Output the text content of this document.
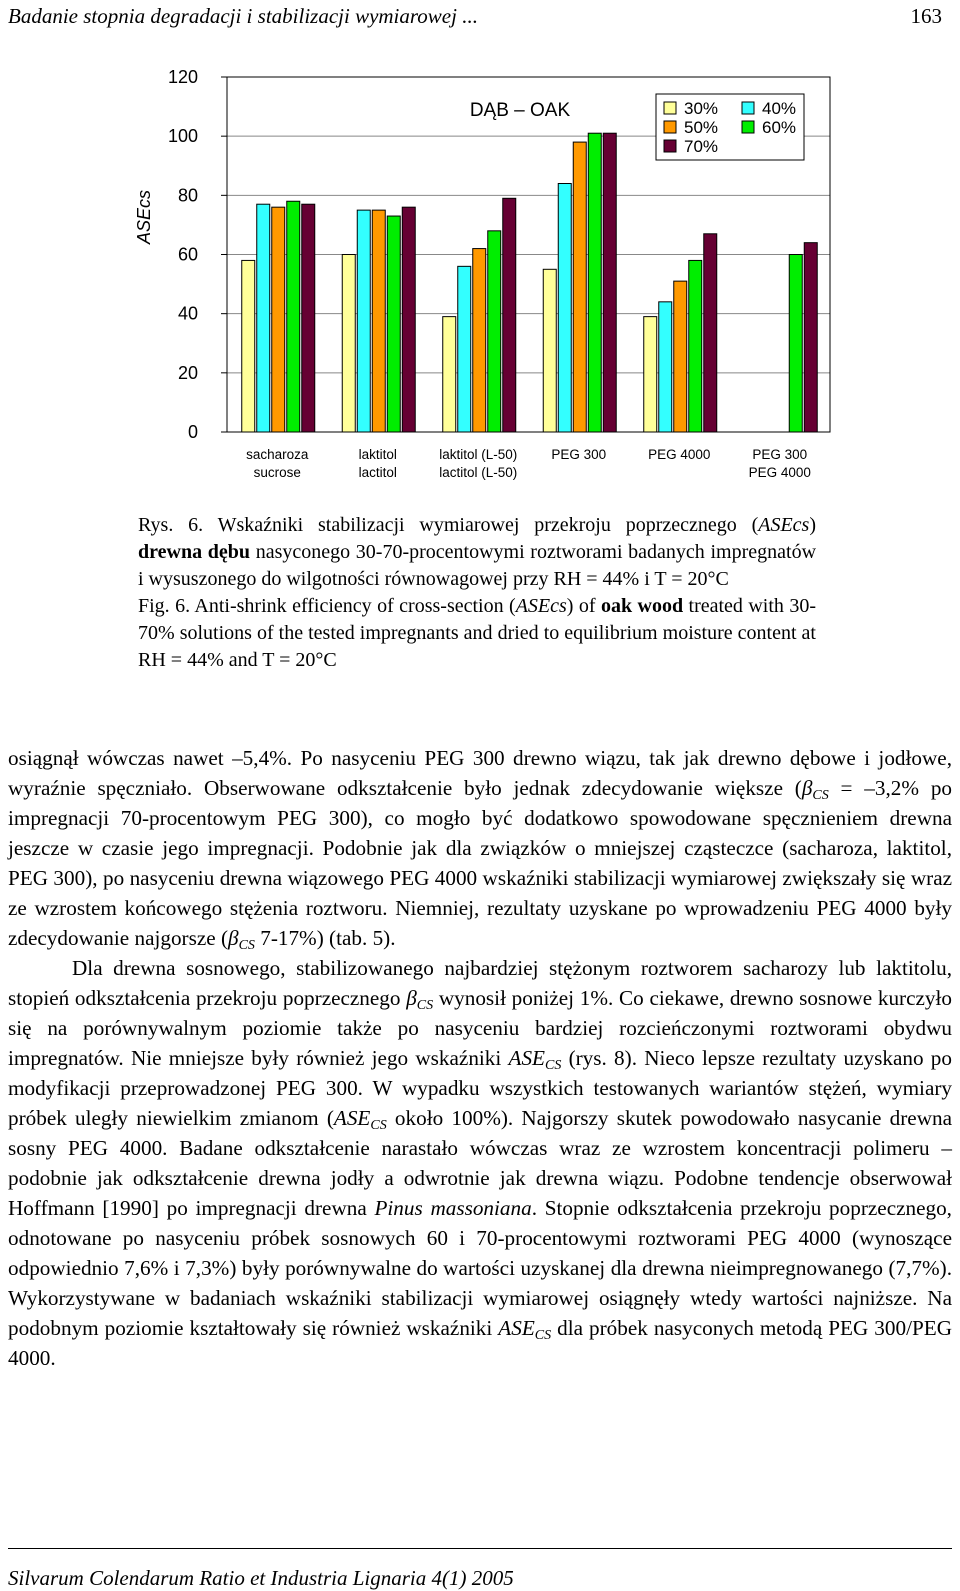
Badanie stopnia degradacji i stabilizacji wymiarowej ...	163
ASEcs
0
20
40
60
80
100
120
sacharoza
sucrose
laktitol
lactitol
laktitol (L-50)
lactitol (L-50)
PEG 300	PEG 4000	PEG 300
PEG 4000
DĄB – OAK	30%	40%
50%	60%
70%

Rys. 6. Wskaźniki stabilizacji wymiarowej przekroju poprzecznego (ASEcs) drewna dębu nasyconego 30-70-procentowymi roztworami badanych impregnatów i wysuszonego do wilgotności równowagowej przy RH = 44% i T = 20°C

Fig. 6. Anti-shrink efficiency of cross-section (ASEcs) of oak wood treated with 30-70% solutions of the tested impregnants and dried to equilibrium moisture content at RH = 44% and T = 20°C

osiągnął wówczas nawet –5,4%. Po nasyceniu PEG 300 drewno wiązu, tak jak drewno dębowe i jodłowe, wyraźnie spęczniało. Obserwowane odkształcenie było jednak zdecydowanie większe ($\beta_{CS} = -3,2\%$ po impregnacji 70-procentowym PEG 300), co mogło być dodatkowo spowodowane spęcznieniem drewna jeszcze w czasie jego impregnacji. Podobnie jak dla związków o mniejszej cząsteczce (sacharoza, laktitol, PEG 300), po nasyceniu drewna wiązowego PEG 4000 wskaźniki stabilizacji wymiarowej zwiększały się wraz ze wzrostem końcowego stężenia roztworu. Niemniej, rezultaty uzyskane po wprowadzeniu PEG 4000 były zdecydowanie najgorsze ($\beta_{CS}$ 7-17%) (tab. 5).

Dla drewna sosnowego, stabilizowanego najbardziej stężonym roztworem sacharozy lub laktitolu, stopień odkształcenia przekroju poprzecznego $\beta_{CS}$ wynosił poniżej 1%. Co ciekawe, drewno sosnowe kurczyło się na porównywalnym poziomie także po nasyceniu bardziej rozcieńczonymi roztworami obydwu impregnatów. Nie mniejsze były również jego wskaźniki $ASE_{CS}$ (rys. 8). Nieco lepsze rezultaty uzyskano po modyfikacji przeprowadzonej PEG 300. W wypadku wszystkich testowanych wariantów stężeń, wymiary próbek uległy niewielkim zmianom ($ASE_{CS}$ około 100%). Najgorszy skutek powodowało nasycanie drewna sosny PEG 4000. Badane odkształcenie narastało wówczas wraz ze wzrostem koncentracji polimeru – podobnie jak odkształcenie drewna jodły a odwrotnie jak drewna wiązu. Podobne tendencje obserwował Hoffmann [1990] po impregnacji drewna Pinus massoniana. Stopnie odkształcenia przekroju poprzecznego, odnotowane po nasyceniu próbek sosnowych 60 i 70-procentowymi roztworami PEG 4000 (wynoszące odpowiednio 7,6% i 7,3%) były porównywalne do wartości uzyskanej dla drewna nieimpregnowanego (7,7%). Wykorzystywane w badaniach wskaźniki stabilizacji wymiarowej osiągnęły wtedy wartości najniższe. Na podobnym poziomie kształtowały się również wskaźniki $ASE_{CS}$ dla próbek nasyconych metodą PEG 300/PEG 4000.

Silvarum Colendarum Ratio et Industria Lignaria 4(1) 2005
